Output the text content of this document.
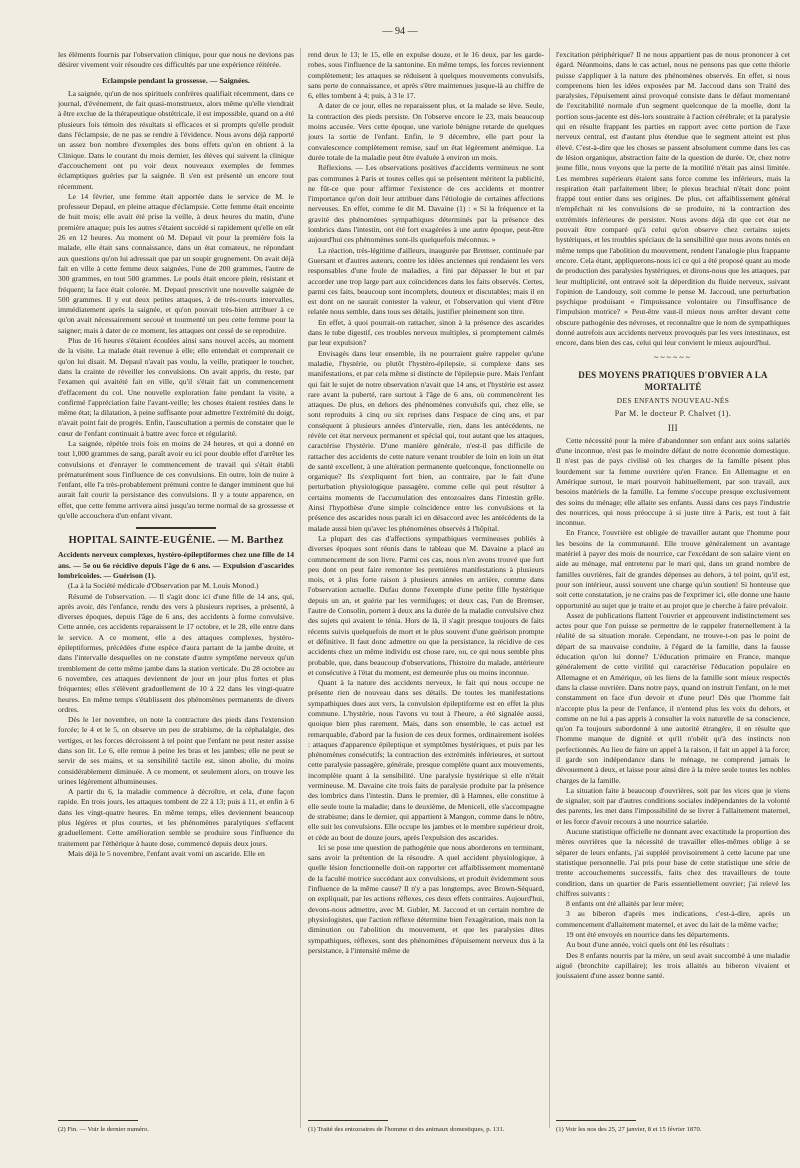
— 94 —

les éléments fournis par l'observation clinique, pour que nous ne devions pas désirer vivement voir résoudre ces difficultés par une expérience réitérée.

Eclampsie pendant la grossesse. — Saignées.

La saignée, qu'un de nos spirituels confrères qualifiait récemment, dans ce journal, d'événement, de fait quasi-monstrueux, alors même qu'elle viendrait à être exclue de la thérapeutique obstétricale, il est impossible, quand on a été plusieurs fois témoin des résultats si efficaces et si prompts qu'elle produit dans l'éclampsie, de ne pas se rendre à l'évidence. Nous avons déjà rapporté un assez bon nombre d'exemples des bons effets qu'on en obtient à la Clinique. Dans le courant du mois dernier, les élèves qui suivent la clinique d'accouchement ont pu voir deux nouveaux exemples de femmes éclamptiques guéries par la saignée. Il s'en est présenté un encore tout récemment.

Le 14 février, une femme était apportée dans le service de M. le professeur Depaul, en pleine attaque d'éclampsie. Cette femme était enceinte de huit mois; elle avait été prise la veille, à deux heures du matin, d'une première attaque; puis les autres s'étaient succédé si rapidement qu'elle en eût 26 en 12 heures. Au moment où M. Depaul vit pour la première fois la malade, elle était sans connaissance, dans un état comateux, ne répondant aux questions qu'on lui adressait que par un soupir grognement. On avait déjà fait en ville à cette femme deux saignées, l'une de 200 grammes, l'autre de 300 grammes, en tout 500 grammes. Le pouls était encore plein, résistant et fréquent; la face était colorée. M. Depaul prescrivit une nouvelle saignée de 500 grammes. Il y eut deux petites attaques, à de très-courts intervalles, immédiatement après la saignée, et qu'on pouvait très-bien attribuer à ce qu'on avait nécessairement secoué et tourmenté un peu cette femme pour la saigner; mais à dater de ce moment, les attaques ont cessé de se reproduire.

Plus de 16 heures s'étaient écoulées ainsi sans nouvel accès, au moment de la visite. La malade était revenue à elle; elle entendait et comprenait ce qu'on lui disait. M. Depaul n'avait pas voulu, la veille, pratiquer le toucher, dans la crainte de réveiller les convulsions. On avait appris, du reste, par l'examen qui avaitété fait en ville, qu'il s'était fait un commencement d'effacement du col. Une nouvelle exploration faite pendant la visite, a confirmé l'appréciation faite l'avant-veille; les choses étaient restées dans le même état; la dilatation, à peine suffisante pour admettre l'extrémité du doigt, n'avait point fait de progrès. Enfin, l'auscultation a permis de constater que le cœur de l'enfant continuait à battre avec force et régularité.

La saignée, répétée trois fois en moins de 24 heures, et qui a donné en tout 1,000 grammes de sang, paraît avoir eu ici pour double effet d'arrêter les convulsions et d'enrayer le commencement de travail qui s'était établi prématurément sous l'influence de ces convulsions. En outre, loin de nuire à l'enfant, elle l'a très-probablement prémuni contre le danger imminent que lui aurait fait courir la persistance des convulsions. Il y a toute apparence, en effet, que cette femme arrivera ainsi jusqu'au terme normal de sa grossesse et qu'elle accouchera d'un enfant vivant.

HOPITAL SAINTE-EUGÉNIE. — M. Barthez

Accidents nerveux complexes, hystéro-épileptiformes chez une fille de 14 ans. — 5e ou 6e récidive depuis l'âge de 6 ans. — Expulsion d'ascarides lombricoïdes. — Guérison (1).

(La à la Société médicale d'Observation par M. Louis Monod.)

Résumé de l'observation. — Il s'agit donc ici d'une fille de 14 ans, qui, après avoir, dès l'enfance, rendu des vers à plusieurs reprises, a présenté, à diverses époques, depuis l'âge de 6 ans, des accidents à forme convulsive. Cette année, ces accidents reparaissent le 17 octobre, et le 28, elle entre dans le service. A ce moment, elle a des attaques complexes, hystéro-épileptiformes, précédées d'une espèce d'aura partant de la jambe droite, et dans l'intervalle desquelles on ne constate d'autre symptôme nerveux qu'un tremblement de cette même jambe dans la station verticale. Du 28 octobre au 6 novembre, ces attaques deviennent de jour en jour plus fortes et plus fréquentes; elles s'élèvent graduellement de 10 à 22 dans les vingt-quatre heures. En même temps s'établissent des phénomènes permanents de divers ordres.

Dès le 1er novembre, on note la contracture des pieds dans l'extension forcée; le 4 et le 5, on observe un peu de strabisme, de la céphalalgie, des vertiges, et les forces décroissent à tel point que l'enfant ne peut rester assise dans son lit. Le 6, elle remue à peine les bras et les jambes; elle ne peut se servir de ses mains, et sa sensibilité tactile est, sinon abolie, du moins considérablement diminuée. A ce moment, et seulement alors, on trouve les urines légèrement albumineuses.

A partir du 6, la maladie commence à décroître, et cela, d'une façon rapide. En trois jours, les attaques tombent de 22 à 13; puis à 11, et enfin à 6 dans les vingt-quatre heures. En même temps, elles deviennent beaucoup plus légères et plus courtes, et les phénomènes paralytiques s'effacent graduellement. Cette amélioration semble se produire sous l'influence du traitement par l'éthérique à haute dose, commencé depuis deux jours.

Mais déjà le 5 novembre, l'enfant avait vomi un ascaride. Elle en

(2) Fin. — Voir le dernier numéro.

rend deux le 13; le 15, elle en expulse douze, et le 16 deux, par les garde-robes, sous l'influence de la santonine. En même temps, les forces reviennent complètement; les attaques se réduisent à quelques mouvements convulsifs, sans perte de connaissance, et après s'être maintenues jusque-là au chiffre de 6, elles tombent à 4; puis, à 3 le 17.

A dater de ce jour, elles ne reparaissent plus, et la malade se lève. Seule, la contraction des pieds persiste. On l'observe encore le 23, mais beaucoup moins accusée. Vers cette époque, une variole bénigne retarde de quelques jours la sortie de l'enfant. Enfin, le 9 décembre, elle part pour la convalescence complètement remise, sauf un état légèrement anémique. La durée totale de la maladie peut être évaluée à environ un mois.

Réflexions. — Les observations positives d'accidents vermineux ne sont pas communes à Paris et toutes celles qui se présentent méritent la publicité, ne fût-ce que pour affirmer l'existence de ces accidents et montrer l'importance qu'on doit leur attribuer dans l'étiologie de certaines affections nerveuses. En effet, comme le dit M. Davaine (1) : « Si la fréquence et la gravité des phénomènes sympathiques déterminés par la présence des lombrics dans l'intestin, ont été fort exagérées à une autre époque, peut-être aujourd'hui ces phénomènes sont-ils quelquefois méconnus. »

La réaction, très-légitime d'ailleurs, inaugurée par Bremser, continuée par Guersant et d'autres auteurs, contre les idées anciennes qui rendaient les vers responsables d'une foule de maladies, a fini par dépasser le but et par accorder une trop large part aux coïncidences dans les faits observés. Certes, parmi ces faits, beaucoup sont incomplets, douteux et discutables; mais il en est dont on ne saurait contester la valeur, et l'observation qui vient d'être relatée nous semble, dans tous ses détails, justifier pleinement son titre.

En effet, à quoi pourrait-on rattacher, sinon à la présence des ascarides dans le tube digestif, ces troubles nerveux multiples, si promptement calmés par leur expulsion?

Envisagés dans leur ensemble, ils ne pourraient guère rappeler qu'une maladie, l'hystérie, ou plutôt l'hystéro-épilepsie, si complexe dans ses manifestations, et par cela même si distincte de l'épilepsie pure. Mais l'enfant qui fait le sujet de notre observation n'avait que 14 ans, et l'hystérie est assez rare avant la puberté, rare surtout à l'âge de 6 ans, où commencèrent les attaques. De plus, en dehors des phénomènes convulsifs qui, chez elle, se sont reproduits à cinq ou six reprises dans l'espace de cinq ans, et par conséquent à plusieurs années d'intervalle, rien, dans les antécédents, ne révèle cet état nerveux permanent et spécial qui, tout autant que les attaques, caractérise l'hystérie. D'une manière générale, n'est-il pas difficile de rattacher des accidents de cette nature venant troubler de loin en loin un état de santé excellent, à une altération permanente quelconque, fonctionnelle ou organique? Ils s'expliquent fort bien, au contraire, par le fait d'une perturbation physiologique passagère, comme celle qui peut résulter à certains moments de l'accumulation des entozoaires dans l'intestin grêle. Ainsi l'hypothèse d'une simple coïncidence entre les convulsions et la présence des ascarides nous paraît ici en désaccord avec les antécédents de la malade aussi bien qu'avec les phénomènes observés à l'hôpital.

La plupart des cas d'affections sympathiques vermineuses publiés à diverses époques sont réunis dans le tableau que M. Davaine a placé au commencement de son livre. Parmi ces cas, nous n'en avons trouvé que fort peu dont on peut faire remonter les premières manifestations à plusieurs mois, et à plus forte raison à plusieurs années en arrière, comme dans l'observation actuelle. Dufau donne l'exemple d'une petite fille hystérique depuis un an, et guérie par les vermifuges; et deux cas, l'un de Bremser, l'autre de Consolin, portent à deux ans la durée de la maladie convulsive chez des sujets qui avaient le ténia. Hors de là, il s'agit presque toujours de faits récents suivis quelquefois de mort et le plus souvent d'une guérison prompte et définitive. Il faut donc admettre ou que la persistance, la récidive de ces accidents chez un même individu est chose rare, ou, ce qui nous semble plus probable, que, dans beaucoup d'observations, l'histoire du malade, antérieure et consécutive à l'état du moment, est demeurée plus ou moins inconnue.

Quant à la nature des accidents nerveux, le fait qui nous occupe ne présente rien de nouveau dans ses détails. De toutes les manifestations sympathiques dues aux vers, la convulsion épileptiforme est en effet la plus commune. L'hystérie, nous l'avons vu tout à l'heure, a été signalée aussi, quoique bien plus rarement. Mais, dans son ensemble, le cas actuel est remarquable, d'abord par la fusion de ces deux formes, ordinairement isolées : attaques d'apparence épileptique et symptômes hystériques, et puis par les phénomènes consécutifs; la contraction des extrémités inférieures, et surtout cette paralysie passagère, générale, presque complète quant aux mouvements, incomplète quant à la sensibilité. Une paralysie hystérique si elle n'était vermineuse. M. Davaine cite trois faits de paralysie produite par la présence des lombrics dans l'intestin. Dans le premier, dû à Hamnes, elle constitue à elle seule toute la maladie; dans le deuxième, de Meniceli, elle s'accompagne de strabisme; dans le dernier, qui appartient à Mangon, comme dans le nôtre, elle suit les convulsions. Elle occupe les jambes et le membre supérieur droit, et cède au bout de douze jours, après l'expulsion des ascarides.

Ici se pose une question de pathogénie que nous aborderons en terminant, sans avoir la prétention de la résoudre. A quel accident physiologique, à quelle lésion fonctionnelle doit-on rapporter cet affaiblissement momentané de la faculté motrice succédant aux convulsions, et produit évidemment sous l'influence de la même cause? Il n'y a pas longtemps, avec Brown-Séquard, on expliquait, par les actions réflexes, ces deux effets contraires. Aujourd'hui, devons-nous admettre, avec M. Gubler, M. Jaccoud et un certain nombre de physiologistes, que l'action réflexe détermine bien l'exagération, mais non la diminution ou l'abolition du mouvement, et que les paralysies dites sympathiques, réflexes, sont des phénomènes d'épuisement nerveux dus à la persistance, à l'intensité même de

(1) Traité des entozoaires de l'homme et des animaux domestiques, p. 131.

l'excitation périphérique? Il ne nous appartient pas de nous prononcer à cet égard. Néanmoins, dans le cas actuel, nous ne pensons pas que cette théorie puisse s'appliquer à la nature des phénomènes observés. En effet, si nous comprenons bien les idées exposées par M. Jaccoud dans son Traité des paralysies, l'épuisement ainsi provoqué consiste dans le défaut momentané de l'excitabilité normale d'un segment quelconque de la moelle, dont la portion sous-jacente est dès-lors soustraite à l'action cérébrale; et la paralysie qui en résulte frappant les parties en rapport avec cette portion de l'axe nerveux central, est d'autant plus étendue que le segment atteint est plus élevé. C'est-à-dire que les choses se passent absolument comme dans les cas de lésion organique, abstraction faite de la question de durée. Or, chez notre jeune fille, nous voyons que la perte de la motilité n'était pas ainsi limitée. Les membres supérieurs étaient sans force comme les inférieurs, mais la respiration était parfaitement libre; le plexus brachial n'était donc point frappé tout entier dans ses origines. De plus, cet affaiblissement général n'empêchait ni les convulsions de se produire, ni la contraction des extrémités inférieures de persister. Nous avons déjà dit que cet état ne pouvait être comparé qu'à celui qu'on observe chez certains sujets hystériques, et les troubles spéciaux de la sensibilité que nous avons notés en même temps que l'abolition du mouvement, rendent l'analogie plus frappante encore. Cela étant, appliquerons-nous ici ce qui a été proposé quant au mode de production des paralysies hystériques, et dirons-nous que les attaques, par leur multiplicité, ont entravé soit la déperdition du fluide nerveux, suivant l'opinion de Landouzy, soit comme le pense M. Jaccoud, une perturbation psychique produisant « l'impuissance volontaire ou l'insuffisance de l'impulsion motrice? » Peut-être vaut-il mieux nous arrêter devant cette obscure pathogénie des névroses, et reconnaître que le nom de sympathiques donné autrefois aux accidents nerveux provoqués par les vers intestinaux, est encore, dans bien des cas, celui qui leur convient le mieux aujourd'hui.

~~~~~~
DES MOYENS PRATIQUES D'OBVIER A LA MORTALITÉ
DES ENFANTS NOUVEAU-NÉS
Par M. le docteur P. Chalvet (1).
III

Cette nécessité pour la mère d'abandonner son enfant aux soins salariés d'une inconnue, n'est pas le moindre défaut de notre économie domestique. Il n'est pas de pays civilisé où les charges de la famille pèsent plus lourdement sur la femme ouvrière qu'en France. En Allemagne et en Amérique surtout, le mari pourvoit habituellement, par son travail, aux besoins matériels de la famille. La femme s'occupe presque exclusivement des soins du ménage; elle allaite ses enfants. Aussi dans ces pays l'industrie des nourrices, qui nous préoccupe à si juste titre à Paris, est tout à fait inconnue.

En France, l'ouvrière est obligée de travailler autant que l'homme pour les besoins de la communauté. Elle trouve généralement un avantage matériel à payer des mois de nourrice, car l'excédant de son salaire vient en aide au ménage, mal entretenu par le mari qui, dans un grand nombre de familles ouvrières, fait de grandes dépenses au dehors, à tel point, qu'il est, pour son intérieur, aussi souvent une charge qu'un soutien! Si honteuse que soit cette constatation, je ne crains pas de l'exprimer ici, elle donne une haute opportunité au sujet que je traite et au projet que je cherche à faire prévaloir.

Assez de publications flattent l'ouvrier et approuvent indistinctement ses actes pour que l'on puisse se permettre de le rappeler fraternellement à la réalité de sa situation morale. Cependant, ne trouve-t-on pas le point de départ de sa mauvaise conduite, à l'égard de la famille, dans la fausse éducation qu'on lui donne? L'éducation primaire en France, manque généralement de cette virilité qui caractérise l'éducation populaire en Allemagne et en Amérique, où les liens de la famille sont mieux respectés dans la classe ouvrière. Dans notre pays, quand on instruit l'enfant, on le met constamment en face d'un devoir et d'une peur! Dès que l'homme fait n'accepte plus la peur de l'enfance, il n'entend plus les voix du dehors, et comme on ne lui a pas appris à consulter la voix naturelle de sa conscience, qu'on l'a toujours subordonné à une autorité étrangère, il en résulte que l'homme manque de dignité et qu'il n'obéit qu'à des instincts non perfectionnés. Au lieu de faire un appel à la raison, il fait un appel à la force; il garde son indépendance dans le ménage, ne comprend jamais le dévouement à deux, et laisse pour ainsi dire à la mère seule toutes les nobles charges de la famille.

La situation faite à beaucoup d'ouvrières, soit par les vices que je viens de signaler, soit par d'autres conditions sociales indépendantes de la volonté des parents, les met dans l'impossibilité de se livrer à l'allaitement maternel, et les force d'avoir recours à une nourrice salariée.

Aucune statistique officielle ne donnant avec exactitude la proportion des mères ouvrières que la nécessité de travailler elles-mêmes oblige à se séparer de leurs enfants, j'ai suppléé provisoirement à cette lacune par une statistique personnelle. J'ai pris pour base de cette statistique une série de trente accouchements successifs, faits chez des travailleurs de toute condition, dans un quartier de Paris essentiellement ouvrier; j'ai relevé les chiffres suivants :

8 enfants ont été allaités par leur mère;

3 au biberon d'après mes indications, c'est-à-dire, après un commencement d'allaitement maternel, et avec du lait de la même vache;

19 ont été envoyés en nourrice dans les départements.

Au bout d'une année, voici quels ont été les résultats :

Des 8 enfants nourris par la mère, un seul avait succombé à une maladie aiguë (bronchite capillaire); les trois allaités au biberon vivaient et jouissaient d'une assez bonne santé.

(1) Voir les nos des 25, 27 janvier, 8 et 15 février 1870.
